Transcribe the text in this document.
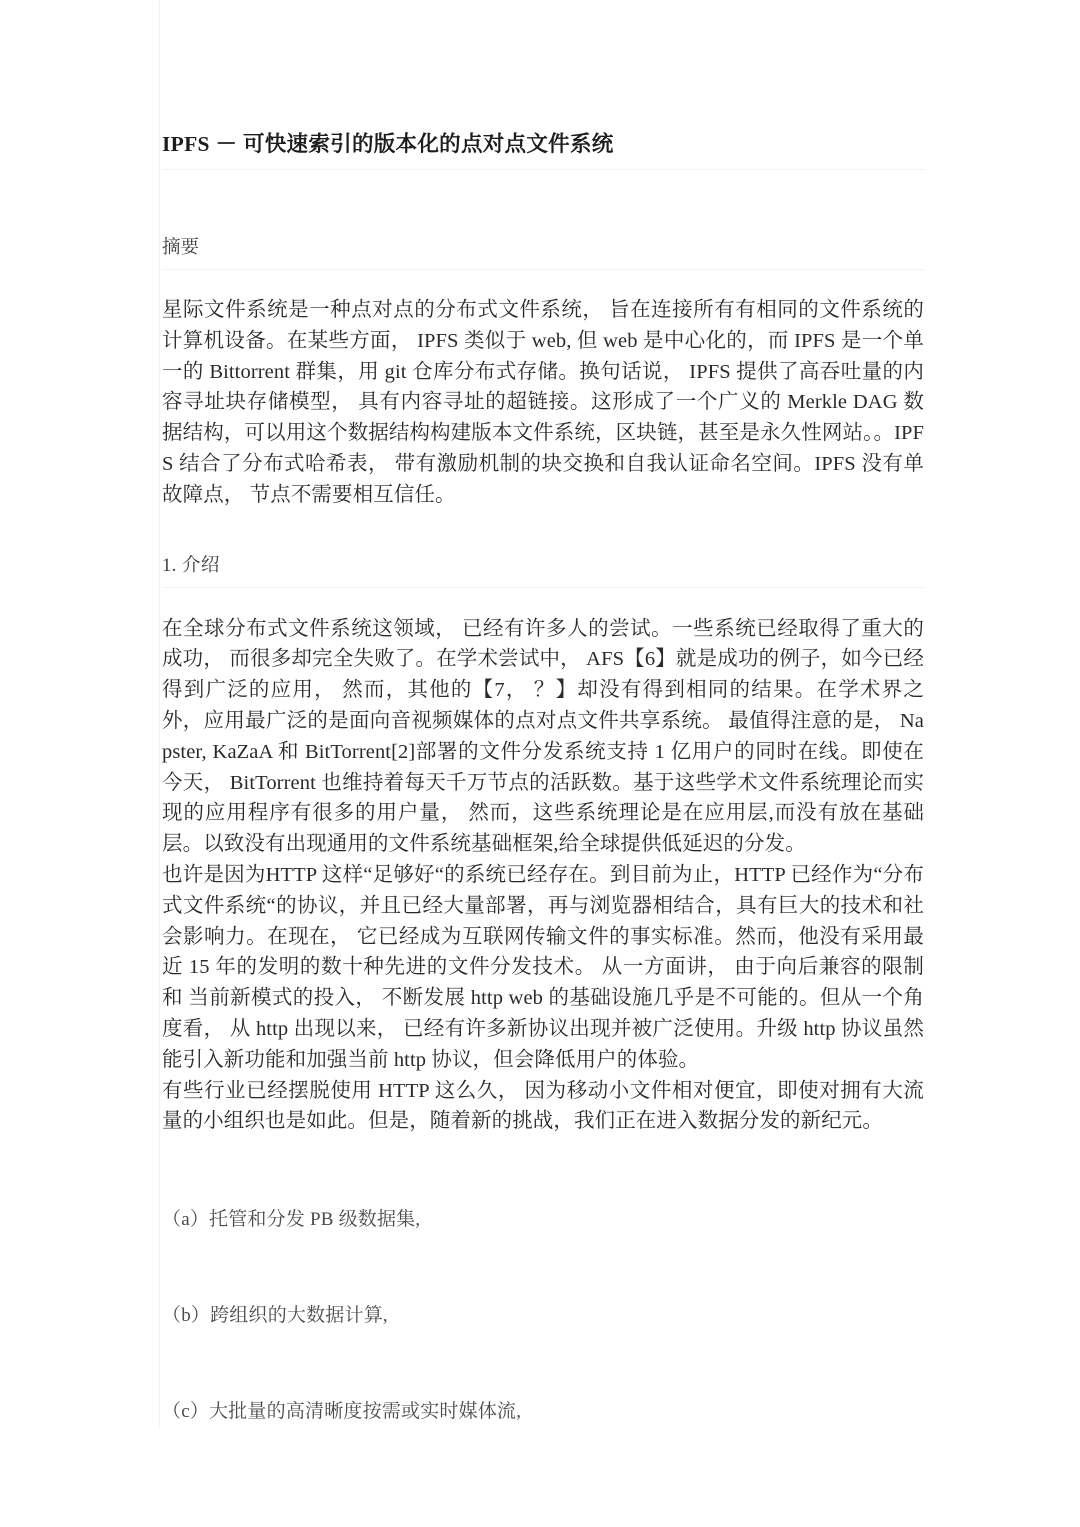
IPFS － 可快速索引的版本化的点对点文件系统
摘要

星际文件系统是一种点对点的分布式文件系统， 旨在连接所有有相同的文件系统的计算机设备。在某些方面， IPFS 类似于 web, 但 web 是中心化的，而 IPFS 是一个单一的 Bittorrent 群集，用 git 仓库分布式存储。换句话说， IPFS 提供了高吞吐量的内容寻址块存储模型， 具有内容寻址的超链接。这形成了一个广义的 Merkle DAG 数据结构，可以用这个数据结构构建版本文件系统，区块链，甚至是永久性网站。。IPFS 结合了分布式哈希表， 带有激励机制的块交换和自我认证命名空间。IPFS 没有单故障点， 节点不需要相互信任。

1. 介绍

在全球分布式文件系统这领域， 已经有许多人的尝试。一些系统已经取得了重大的成功， 而很多却完全失败了。在学术尝试中， AFS【6】就是成功的例子，如今已经得到广泛的应用， 然而，其他的【7， ？】却没有得到相同的结果。在学术界之外，应用最广泛的是面向音视频媒体的点对点文件共享系统。 最值得注意的是， Napster, KaZaA 和 BitTorrent[2]部署的文件分发系统支持 1 亿用户的同时在线。即使在今天， BitTorrent 也维持着每天千万节点的活跃数。基于这些学术文件系统理论而实现的应用程序有很多的用户量， 然而，这些系统理论是在应用层,而没有放在基础层。以致没有出现通用的文件系统基础框架,给全球提供低延迟的分发。

也许是因为HTTP 这样“足够好“的系统已经存在。到目前为止，HTTP 已经作为“分布式文件系统“的协议，并且已经大量部署，再与浏览器相结合，具有巨大的技术和社会影响力。在现在， 它已经成为互联网传输文件的事实标准。然而，他没有采用最近 15 年的发明的数十种先进的文件分发技术。 从一方面讲， 由于向后兼容的限制 和 当前新模式的投入， 不断发展 http web 的基础设施几乎是不可能的。但从一个角度看， 从 http 出现以来， 已经有许多新协议出现并被广泛使用。升级 http 协议虽然能引入新功能和加强当前 http 协议，但会降低用户的体验。

有些行业已经摆脱使用 HTTP 这么久， 因为移动小文件相对便宜，即使对拥有大流量的小组织也是如此。但是，随着新的挑战，我们正在进入数据分发的新纪元。

（a）托管和分发 PB 级数据集,

（b）跨组织的大数据计算,

（c）大批量的高清晰度按需或实时媒体流,
